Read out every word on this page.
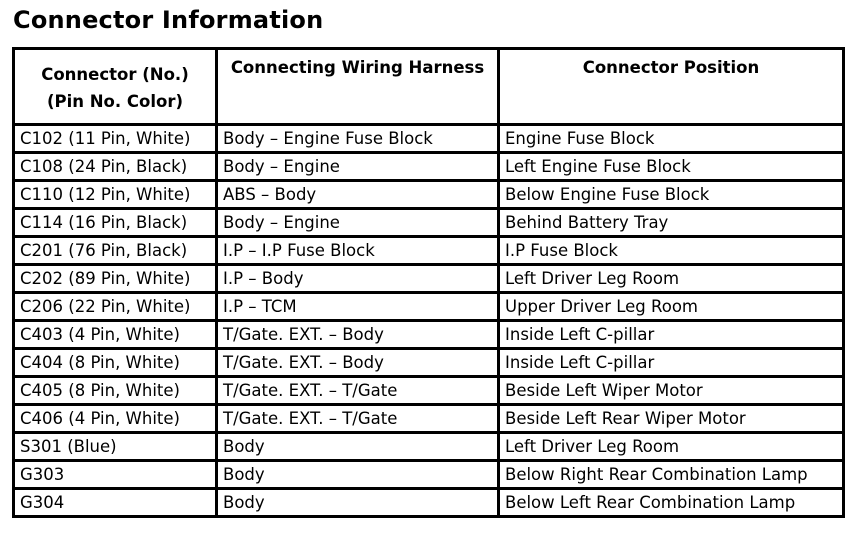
Connector Information
Connector (No.)
(Pin No. Color)	Connecting Wiring Harness	Connector Position
C102 (11 Pin, White)	Body – Engine Fuse Block	Engine Fuse Block
C108 (24 Pin, Black)	Body – Engine	Left Engine Fuse Block
C110 (12 Pin, White)	ABS – Body	Below Engine Fuse Block
C114 (16 Pin, Black)	Body – Engine	Behind Battery Tray
C201 (76 Pin, Black)	I.P – I.P Fuse Block	I.P Fuse Block
C202 (89 Pin, White)	I.P – Body	Left Driver Leg Room
C206 (22 Pin, White)	I.P – TCM	Upper Driver Leg Room
C403 (4 Pin, White)	T/Gate. EXT. – Body	Inside Left C-pillar
C404 (8 Pin, White)	T/Gate. EXT. – Body	Inside Left C-pillar
C405 (8 Pin, White)	T/Gate. EXT. – T/Gate	Beside Left Wiper Motor
C406 (4 Pin, White)	T/Gate. EXT. – T/Gate	Beside Left Rear Wiper Motor
S301 (Blue)	Body	Left Driver Leg Room
G303	Body	Below Right Rear Combination Lamp
G304	Body	Below Left Rear Combination Lamp
